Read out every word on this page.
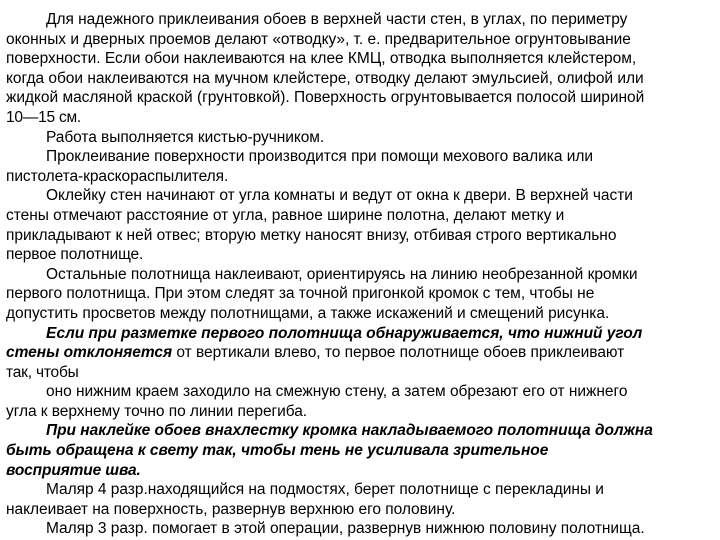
Для надежного приклеивания обоев в верхней части стен, в углах, по периметру
оконных и дверных проемов делают «отводку», т. е. предварительное огрунтовывание
поверхности. Если обои наклеиваются на клее КМЦ, отводка выполняется клейстером,
когда обои наклеиваются на мучном клейстере, отводку делают эмульсией, олифой или
жидкой масляной краской (грунтовкой). Поверхность огрунтовывается полосой шириной
10—15 см.
Работа выполняется кистью-ручником.
Проклеивание поверхности производится при помощи мехового валика или
пистолета-краскораспылителя.
Оклейку стен начинают от угла комнаты и ведут от окна к двери. В верхней части
стены отмечают расстояние от угла, равное ширине полотна, делают метку и
прикладывают к ней отвес; вторую метку наносят внизу, отбивая строго вертикально
первое полотнище.
Остальные полотнища наклеивают, ориентируясь на линию необрезанной кромки
первого полотнища. При этом следят за точной пригонкой кромок с тем, чтобы не
допустить просветов между полотнищами, а также искажений и смещений рисунка.
Если при разметке первого полотнища обнаруживается, что нижний угол
стены отклоняется от вертикали влево, то первое полотнище обоев приклеивают
так, чтобы
оно нижним краем заходило на смежную стену, а затем обрезают его от нижнего
угла к верхнему точно по линии перегиба.
При наклейке обоев внахлестку кромка накладываемого полотнища должна
быть обращена к свету так, чтобы тень не усиливала зрительное
восприятие шва.
Маляр 4 разр.находящийся на подмостях, берет полотнище с перекладины и
наклеивает на поверхность, развернув верхнюю его половину.
Маляр 3 разр. помогает в этой операции, развернув нижнюю половину полотнища.
